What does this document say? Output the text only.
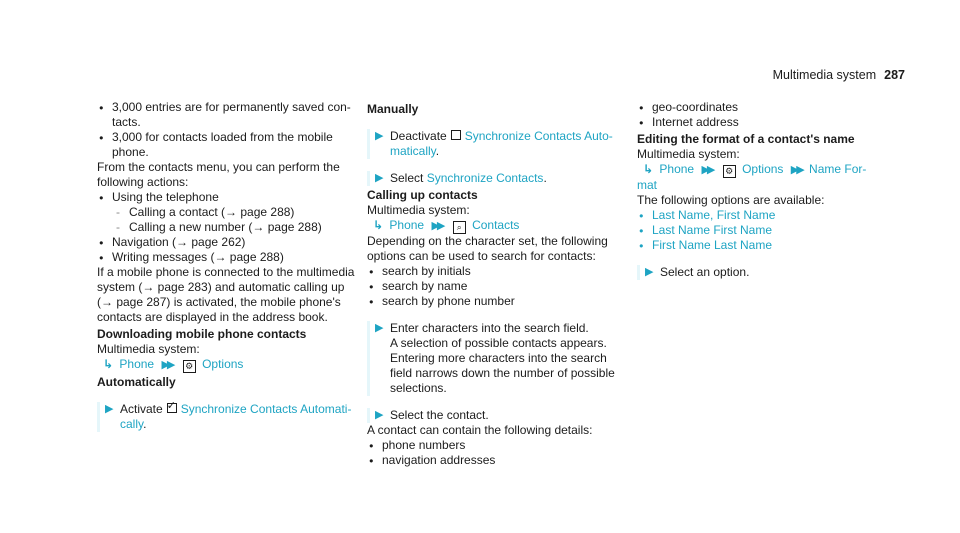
Multimedia system 287
● 3,000 entries are for permanently saved con-
tacts.
● 3,000 for contacts loaded from the mobile
phone.
From the contacts menu, you can perform the
following actions:
● Using the telephone
- Calling a contact (→ page 288)
- Calling a new number (→ page 288)
● Navigation (→ page 262)
● Writing messages (→ page 288)
If a mobile phone is connected to the multimedia
system (→ page 283) and automatic calling up
(→ page 287) is activated, the mobile phone's
contacts are displayed in the address book.
Downloading mobile phone contacts
Multimedia system:
↳ Phone ▶▶ ⚙ Options
Automatically
▶ Activate✓ Synchronize Contacts Automati-
cally.
Manually
▶ Deactivate Synchronize Contacts Auto-
matically.
▶ Select Synchronize Contacts.
Calling up contacts
Multimedia system:
↳ Phone ▶▶ ⌕ Contacts
Depending on the character set, the following
options can be used to search for contacts:
● search by initials
● search by name
● search by phone number
▶ Enter characters into the search field.
A selection of possible contacts appears.
Entering more characters into the search
field narrows down the number of possible
selections.
▶ Select the contact.
A contact can contain the following details:
● phone numbers
● navigation addresses
● geo-coordinates
● Internet address
Editing the format of a contact's name
Multimedia system:
↳ Phone ▶▶ ⚙ Options ▶▶ Name For-
mat
The following options are available:
● Last Name, First Name
● Last Name First Name
● First Name Last Name
▶ Select an option.
